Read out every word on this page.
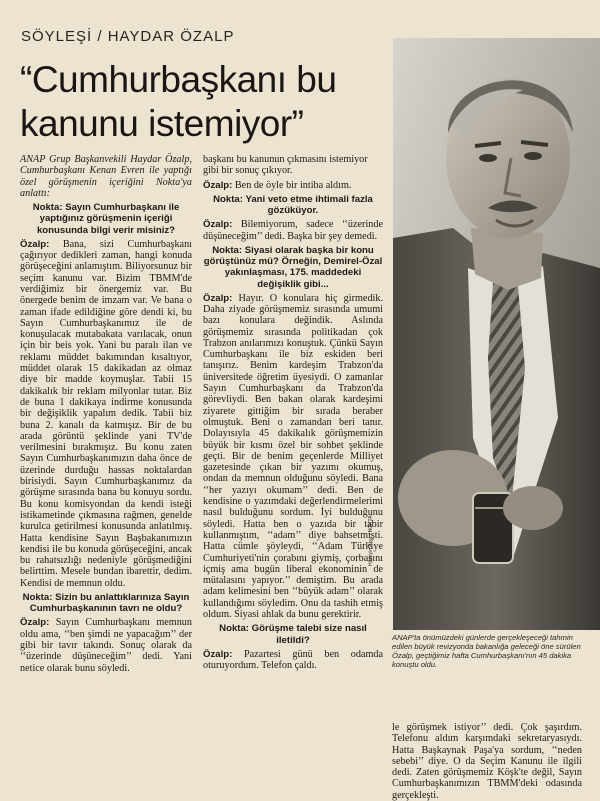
SÖYLEŞİ / HAYDAR ÖZALP
“Cumhurbaşkanı bu kanunu istemiyor”
Hüseyin Akar / NOKTA

ANAP Grup Başkanvekili Haydar Özalp, Cumhurbaşkanı Kenan Evren ile yaptığı özel görüşmenin içeriğini Nokta'ya anlattı:

Nokta: Sayın Cumhurbaşkanı ile yaptığınız görüşmenin içeriği konusunda bilgi verir misiniz?

Özalp: Bana, sizi Cumhurbaşkanı çağırıyor dedikleri zaman, hangi konuda görüşeceğini anlamıştım. Biliyorsunuz bir seçim kanunu var. Bizim TBMM'de verdiğimiz bir önergemiz var. Bu önergede benim de imzam var. Ve bana o zaman ifade edildiğine göre dendi ki, bu Sayın Cumhurbaşkanımız ile de konuşulacak mutabakata varılacak, onun için bir beis yok. Yani bu paralı ilan ve reklamı müddet bakımından kısaltıyor, müddet olarak 15 dakikadan az olmaz diye bir madde koymuşlar. Tabii 15 dakikalık bir reklam milyonlar tutar. Biz de buna 1 dakikaya indirme konusunda bir değişiklik yapalım dedik. Tabii biz buna 2. kanalı da katmışız. Bir de bu arada görüntü şeklinde yani TV'de verilmesini bırakmışız. Bu konu zaten Sayın Cumhurbaşkanımızın daha önce de üzerinde durduğu hassas noktalardan birisiydi. Sayın Cumhurbaşkanımız da görüşme sırasında bana bu konuyu sordu. Bu konu komisyondan da kendi isteği istikametinde çıkmasına rağmen, genelde kurulca getirilmesi konusunda anlatılmış. Hatta kendisine Sayın Başbakanımızın kendisi ile bu konuda görüşeceğini, ancak bu rahatsızlığı nedeniyle görüşmediğini belirttim. Mesele bundan ibarettir, dedim. Kendisi de memnun oldu.

Nokta: Sizin bu anlattıklarınıza Sayın Cumhurbaşkanının tavrı ne oldu?

Özalp: Sayın Cumhurbaşkanı memnun oldu ama, ‘‘ben şimdi ne yapacağım’’ der gibi bir tavır takındı. Sonuç olarak da ‘‘üzerinde düşüneceğim’’ dedi. Yani netice olarak bunu söyledi.

başkanı bu kanunun çıkmasını istemiyor gibi bir sonuç çıkıyor.

Özalp: Ben de öyle bir intiba aldım.

Nokta: Yani veto etme ihtimali fazla gözüküyor.

Özalp: Bilemiyorum, sadece ‘‘üzerinde düşüneceğim’’ dedi. Başka bir şey demedi.

Nokta: Siyasi olarak başka bir konu görüştünüz mü? Örneğin, Demirel-Özal yakınlaşması, 175. maddedeki değişiklik gibi...

Özalp: Hayır. O konulara hiç girmedik. Daha ziyade görüşmemiz sırasında umumi bazı konulara değindik. Aslında görüşmemiz sırasında politikadan çok Trabzon anılarımızı konuştuk. Çünkü Sayın Cumhurbaşkanı ile biz eskiden beri tanışırız. Benim kardeşim Trabzon'da üniversitede öğretim üyesiydi. O zamanlar Sayın Cumhurbaşkanı da Trabzon'da görevliydi. Ben bakan olarak kardeşimi ziyarete gittiğim bir sırada beraber olmuştuk. Beni o zamandan beri tanır. Dolayısıyla 45 dakikalık görüşmemizin büyük bir kısmı özel bir sohbet şeklinde geçti. Bir de benim geçenlerde Milliyet gazetesinde çıkan bir yazımı okumuş, ondan da memnun olduğunu söyledi. Bana ‘‘her yazıyı okumam’’ dedi. Ben de kendisine o yazımdaki değerlendirmelerimi nasıl bulduğunu sordum. İyi bulduğunu söyledi. Hatta ben o yazıda bir tabir kullanmıştım, ‘‘adam’’ diye bahsetmişti. Hatta cümle şöyleydi, ‘‘Adam Türkiye Cumhuriyeti'nin çorabını giymiş, çorbasını içmiş ama bugün liberal ekonominin de mütalasını yapıyor.’’ demiştim. Bu arada adam kelimesini ben ‘‘büyük adam’’ olarak kullandığımı söyledim. Onu da tashih etmiş oldum. Siyasi ahlak da bunu gerektirir.

Nokta: Görüşme talebi size nasıl iletildi?

Özalp: Pazartesi günü ben odamda oturuyordum. Telefon çaldı.

ANAP'ta önümüzdeki günlerde gerçekleşeceği tahmin edilen büyük revizyonda bakanlığa geleceği öne sürülen Özalp, geçtiğimiz hafta Cumhurbaşkanı'nın 45 dakika konuştu oldu.

le görüşmek istiyor’’ dedi. Çok şaşırdım. Telefonu aldım karşımdaki sekretaryasıydı. Hatta Başkaynak Paşa'ya sordum, ‘‘neden sebebi’’ diye. O da Seçim Kanunu ile ilgili dedi. Zaten görüşmemiz Köşk'te değil, Sayın Cumhurbaşkanımızın TBMM'deki odasında gerçekleşti.
